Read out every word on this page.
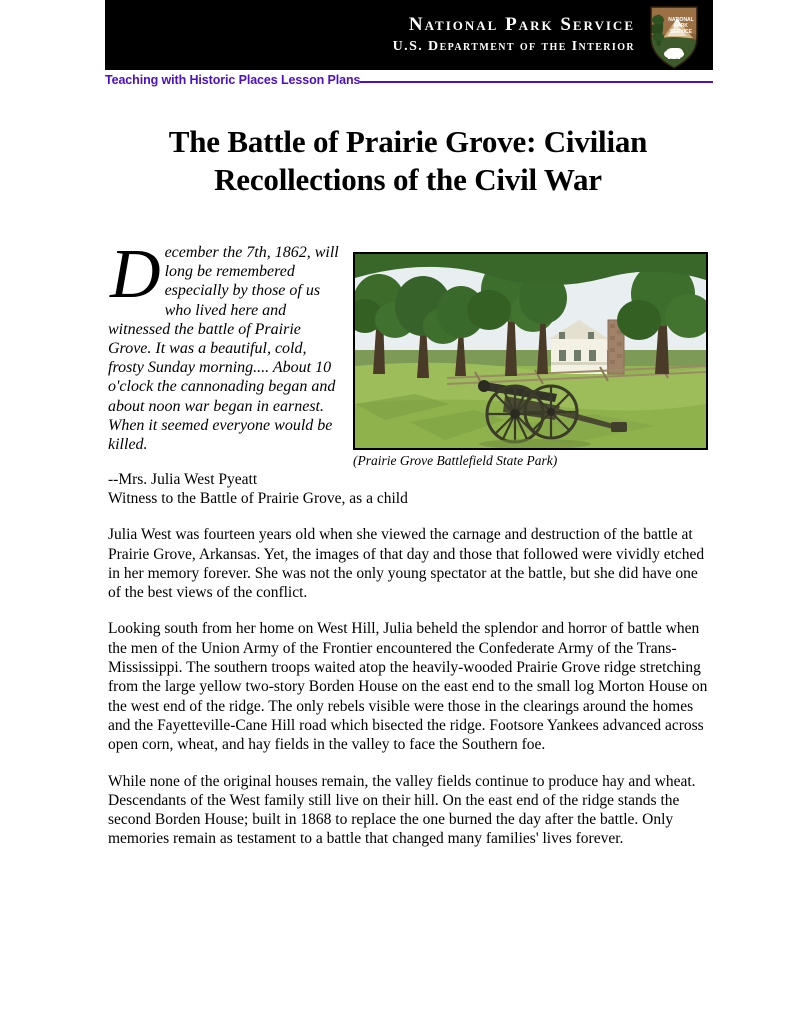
National Park Service
U.S. Department of the Interior
NATIONAL
PARK
SERVICE
Teaching with Historic Places Lesson Plans
The Battle of Prairie Grove: Civilian Recollections of the Civil War
(Prairie Grove Battlefield State Park)

December the 7th, 1862, will long be remembered especially by those of us who lived here and witnessed the battle of Prairie Grove. It was a beautiful, cold, frosty Sunday morning.... About 10 o'clock the cannonading began and about noon war began in earnest. When it seemed everyone would be killed.

--Mrs. Julia West Pyeatt
Witness to the Battle of Prairie Grove, as a child

Julia West was fourteen years old when she viewed the carnage and destruction of the battle at Prairie Grove, Arkansas. Yet, the images of that day and those that followed were vividly etched in her memory forever. She was not the only young spectator at the battle, but she did have one of the best views of the conflict.

Looking south from her home on West Hill, Julia beheld the splendor and horror of battle when the men of the Union Army of the Frontier encountered the Confederate Army of the Trans-Mississippi. The southern troops waited atop the heavily-wooded Prairie Grove ridge stretching from the large yellow two-story Borden House on the east end to the small log Morton House on the west end of the ridge. The only rebels visible were those in the clearings around the homes and the Fayetteville-Cane Hill road which bisected the ridge. Footsore Yankees advanced across open corn, wheat, and hay fields in the valley to face the Southern foe.

While none of the original houses remain, the valley fields continue to produce hay and wheat. Descendants of the West family still live on their hill. On the east end of the ridge stands the second Borden House; built in 1868 to replace the one burned the day after the battle. Only memories remain as testament to a battle that changed many families' lives forever.
